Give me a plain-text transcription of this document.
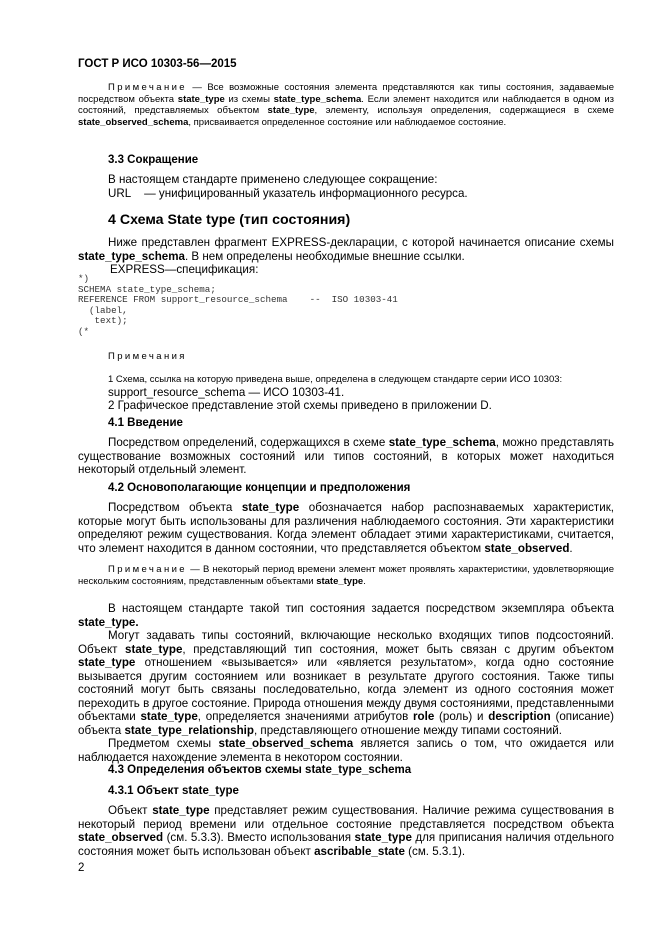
ГОСТ Р ИСО 10303-56—2015

Примечание — Все возможные состояния элемента представляются как типы состояния, задаваемые посредством объекта state_type из схемы state_type_schema. Если элемент находится или наблюдается в одном из состояний, представляемых объектом state_type, элементу, используя определения, содержащиеся в схеме state_observed_schema, присваивается определенное состояние или наблюдаемое состояние.

3.3 Сокращение

В настоящем стандарте применено следующее сокращение:

URL — унифицированный указатель информационного ресурса.

4 Схема State type (тип состояния)

Ниже представлен фрагмент EXPRESS-декларации, с которой начинается описание схемы state_type_schema. В нем определены необходимые внешние ссылки.

EXPRESS—спецификация:

*)
SCHEMA state_type_schema;
REFERENCE FROM support_resource_schema    --  ISO 10303-41
(label,
text);
(*
Примечания

1 Схема, ссылка на которую приведена выше, определена в следующем стандарте серии ИСО 10303:

support_resource_schema — ИСО 10303-41.

2 Графическое представление этой схемы приведено в приложении D.

4.1 Введение

Посредством определений, содержащихся в схеме state_type_schema, можно представлять существование возможных состояний или типов состояний, в которых может находиться некоторый отдельный элемент.

4.2 Основополагающие концепции и предположения

Посредством объекта state_type обозначается набор распознаваемых характеристик, которые могут быть использованы для различения наблюдаемого состояния. Эти характеристики определяют режим существования. Когда элемент обладает этими характеристиками, считается, что элемент находится в данном состоянии, что представляется объектом state_observed.

Примечание — В некоторый период времени элемент может проявлять характеристики, удовлетворяющие нескольким состояниям, представленным объектами state_type.

В настоящем стандарте такой тип состояния задается посредством экземпляра объекта state_type.

Могут задавать типы состояний, включающие несколько входящих типов подсостояний. Объект state_type, представляющий тип состояния, может быть связан с другим объектом state_type отношением «вызывается» или «является результатом», когда одно состояние вызывается другим состоянием или возникает в результате другого состояния. Также типы состояний могут быть связаны последовательно, когда элемент из одного состояния может переходить в другое состояние. Природа отношения между двумя состояниями, представленными объектами state_type, определяется значениями атрибутов role (роль) и description (описание) объекта state_type_relationship, представляющего отношение между типами состояний.

Предметом схемы state_observed_schema является запись о том, что ожидается или наблюдается нахождение элемента в некотором состоянии.

4.3 Определения объектов схемы state_type_schema
4.3.1 Объект state_type

Объект state_type представляет режим существования. Наличие режима существования в некоторый период времени или отдельное состояние представляется посредством объекта state_observed (см. 5.3.3). Вместо использования state_type для приписания наличия отдельного состояния может быть использован объект ascribable_state (см. 5.3.1).

2
